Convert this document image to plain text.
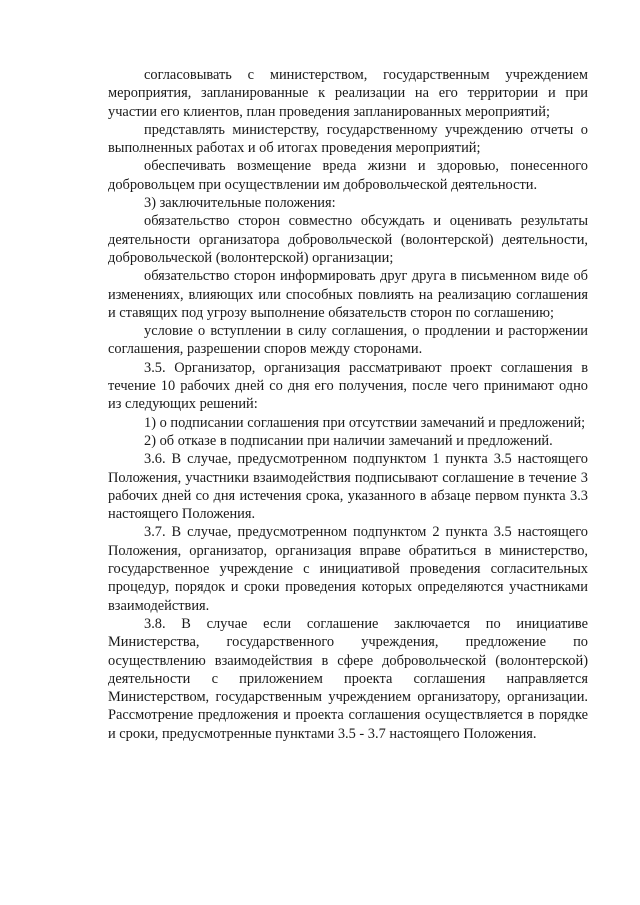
согласовывать с министерством, государственным учреждением мероприятия, запланированные к реализации на его территории и при участии его клиентов, план проведения запланированных мероприятий;

представлять министерству, государственному учреждению отчеты о выполненных работах и об итогах проведения мероприятий;

обеспечивать возмещение вреда жизни и здоровью, понесенного добровольцем при осуществлении им добровольческой деятельности.

3) заключительные положения:

обязательство сторон совместно обсуждать и оценивать результаты деятельности организатора добровольческой (волонтерской) деятельности, добровольческой (волонтерской) организации;

обязательство сторон информировать друг друга в письменном виде об изменениях, влияющих или способных повлиять на реализацию соглашения и ставящих под угрозу выполнение обязательств сторон по соглашению;

условие о вступлении в силу соглашения, о продлении и расторжении соглашения, разрешении споров между сторонами.

3.5. Организатор, организация рассматривают проект соглашения в течение 10 рабочих дней со дня его получения, после чего принимают одно из следующих решений:

1) о подписании соглашения при отсутствии замечаний и предложений;

2) об отказе в подписании при наличии замечаний и предложений.

3.6. В случае, предусмотренном подпунктом 1 пункта 3.5 настоящего Положения, участники взаимодействия подписывают соглашение в течение 3 рабочих дней со дня истечения срока, указанного в абзаце первом пункта 3.3 настоящего Положения.

3.7. В случае, предусмотренном подпунктом 2 пункта 3.5 настоящего Положения, организатор, организация вправе обратиться в министерство, государственное учреждение с инициативой проведения согласительных процедур, порядок и сроки проведения которых определяются участниками взаимодействия.

3.8. В случае если соглашение заключается по инициативе Министерства, государственного учреждения, предложение по осуществлению взаимодействия в сфере добровольческой (волонтерской) деятельности с приложением проекта соглашения направляется Министерством, государственным учреждением организатору, организации. Рассмотрение предложения и проекта соглашения осуществляется в порядке и сроки, предусмотренные пунктами 3.5 - 3.7 настоящего Положения.
